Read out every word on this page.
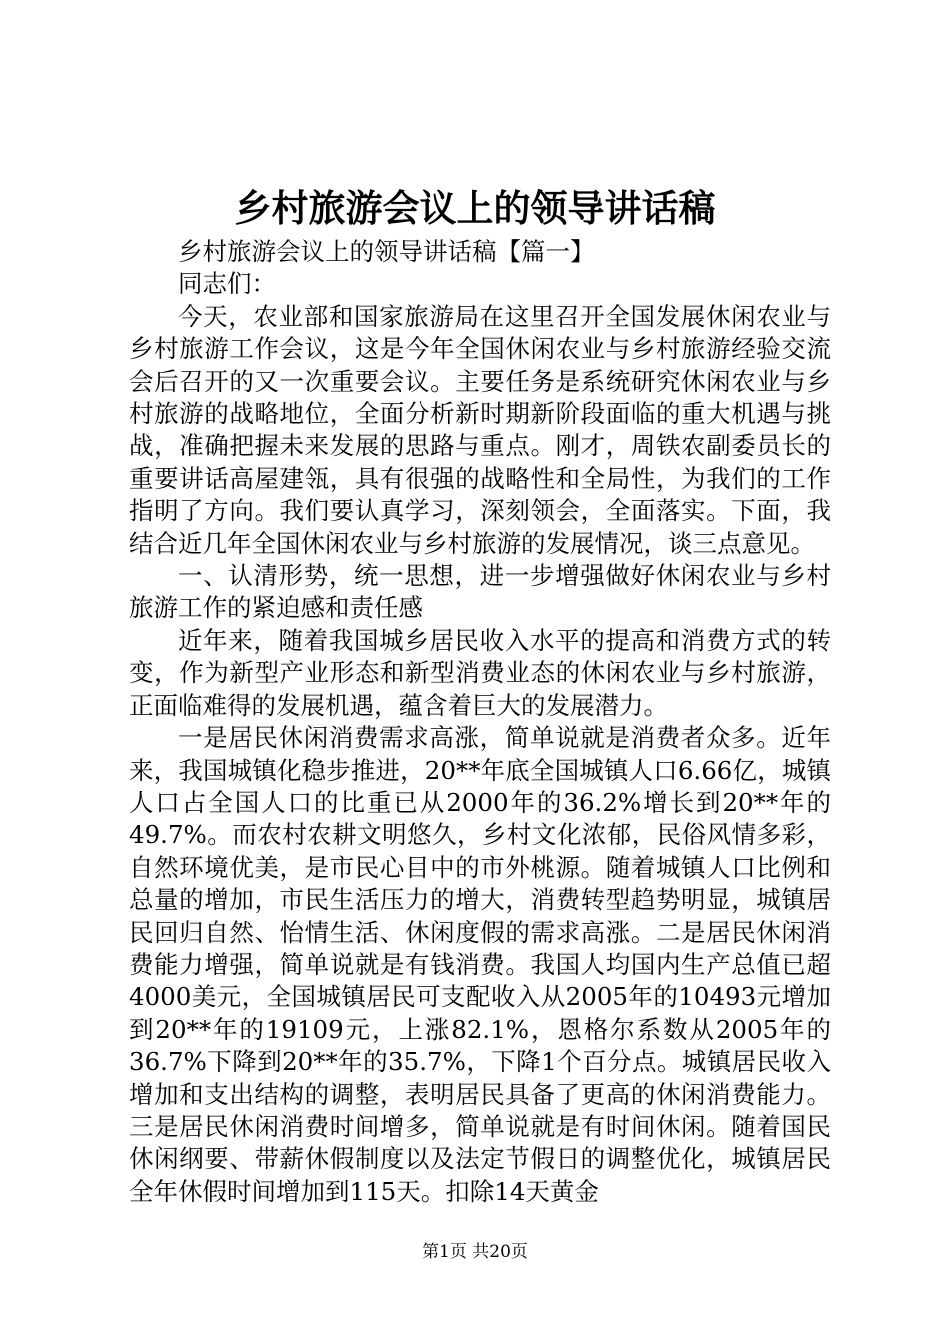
乡村旅游会议上的领导讲话稿

乡村旅游会议上的领导讲话稿【篇一】

同志们：

今天，农业部和国家旅游局在这里召开全国发展休闲农业与乡村旅游工作会议，这是今年全国休闲农业与乡村旅游经验交流会后召开的又一次重要会议。主要任务是系统研究休闲农业与乡村旅游的战略地位，全面分析新时期新阶段面临的重大机遇与挑战，准确把握未来发展的思路与重点。刚才，周铁农副委员长的重要讲话高屋建瓴，具有很强的战略性和全局性，为我们的工作指明了方向。我们要认真学习，深刻领会，全面落实。下面，我结合近几年全国休闲农业与乡村旅游的发展情况，谈三点意见。

一、认清形势，统一思想，进一步增强做好休闲农业与乡村旅游工作的紧迫感和责任感

近年来，随着我国城乡居民收入水平的提高和消费方式的转变，作为新型产业形态和新型消费业态的休闲农业与乡村旅游，正面临难得的发展机遇，蕴含着巨大的发展潜力。

一是居民休闲消费需求高涨，简单说就是消费者众多。近年来，我国城镇化稳步推进，20**年底全国城镇人口6.66亿，城镇人口占全国人口的比重已从2000年的36.2%增长到20**年的49.7%。而农村农耕文明悠久，乡村文化浓郁，民俗风情多彩，自然环境优美，是市民心目中的市外桃源。随着城镇人口比例和总量的增加，市民生活压力的增大，消费转型趋势明显，城镇居民回归自然、怡情生活、休闲度假的需求高涨。二是居民休闲消费能力增强，简单说就是有钱消费。我国人均国内生产总值已超4000美元，全国城镇居民可支配收入从2005年的10493元增加到20**年的19109元，上涨82.1%，恩格尔系数从2005年的36.7%下降到20**年的35.7%，下降1个百分点。城镇居民收入增加和支出结构的调整，表明居民具备了更高的休闲消费能力。三是居民休闲消费时间增多，简单说就是有时间休闲。随着国民休闲纲要、带薪休假制度以及法定节假日的调整优化，城镇居民全年休假时间增加到115天。扣除14天黄金

第1页 共20页
